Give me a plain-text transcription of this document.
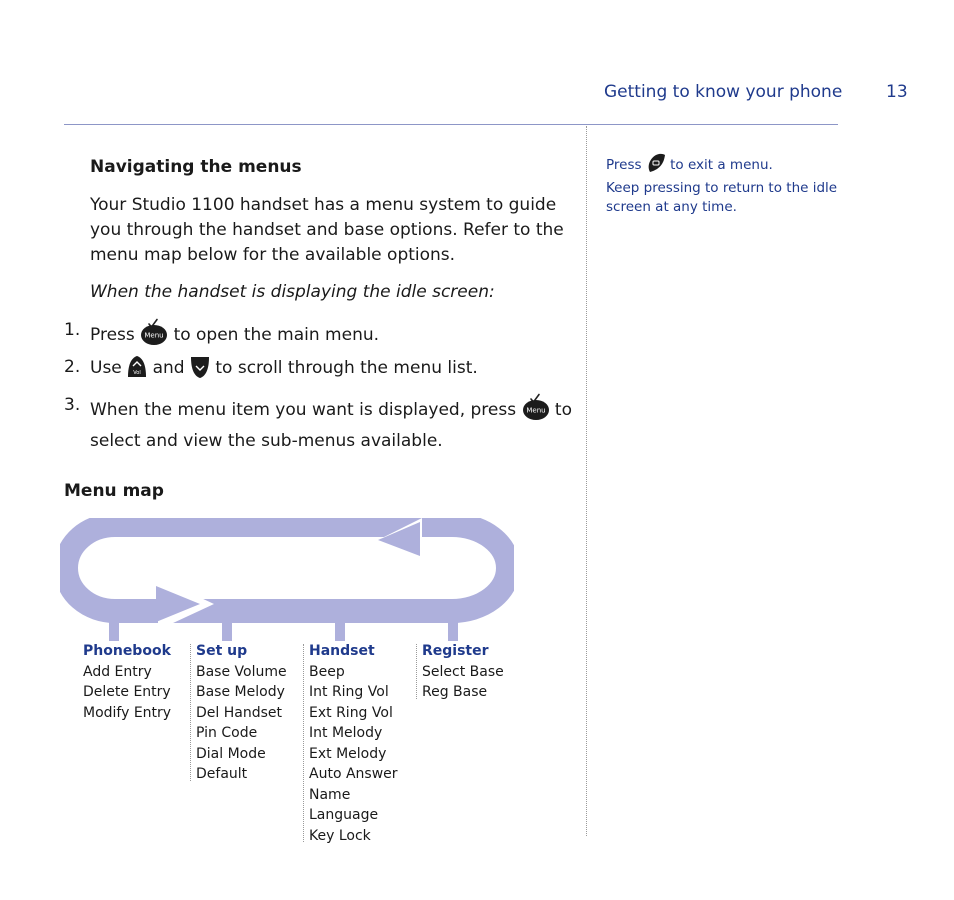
Getting to know your phone	13
Navigating the menus
Your Studio 1100 handset has a menu system to guide you through the handset and base options. Refer to the menu map below for the available options.
When the handset is displaying the idle screen:
1. Press Menu to open the main menu.
2. Use Vol and to scroll through the menu list.
3. When the menu item you want is displayed, press Menu to select and view the sub-menus available.
Press to exit a menu.
Keep pressing to return to the idle screen at any time.
Menu map
Phonebook
Add Entry
Delete Entry
Modify Entry
Set up
Base Volume
Base Melody
Del Handset
Pin Code
Dial Mode
Default
Handset
Beep
Int Ring Vol
Ext Ring Vol
Int Melody
Ext Melody
Auto Answer
Name
Language
Key Lock
Register
Select Base
Reg Base
